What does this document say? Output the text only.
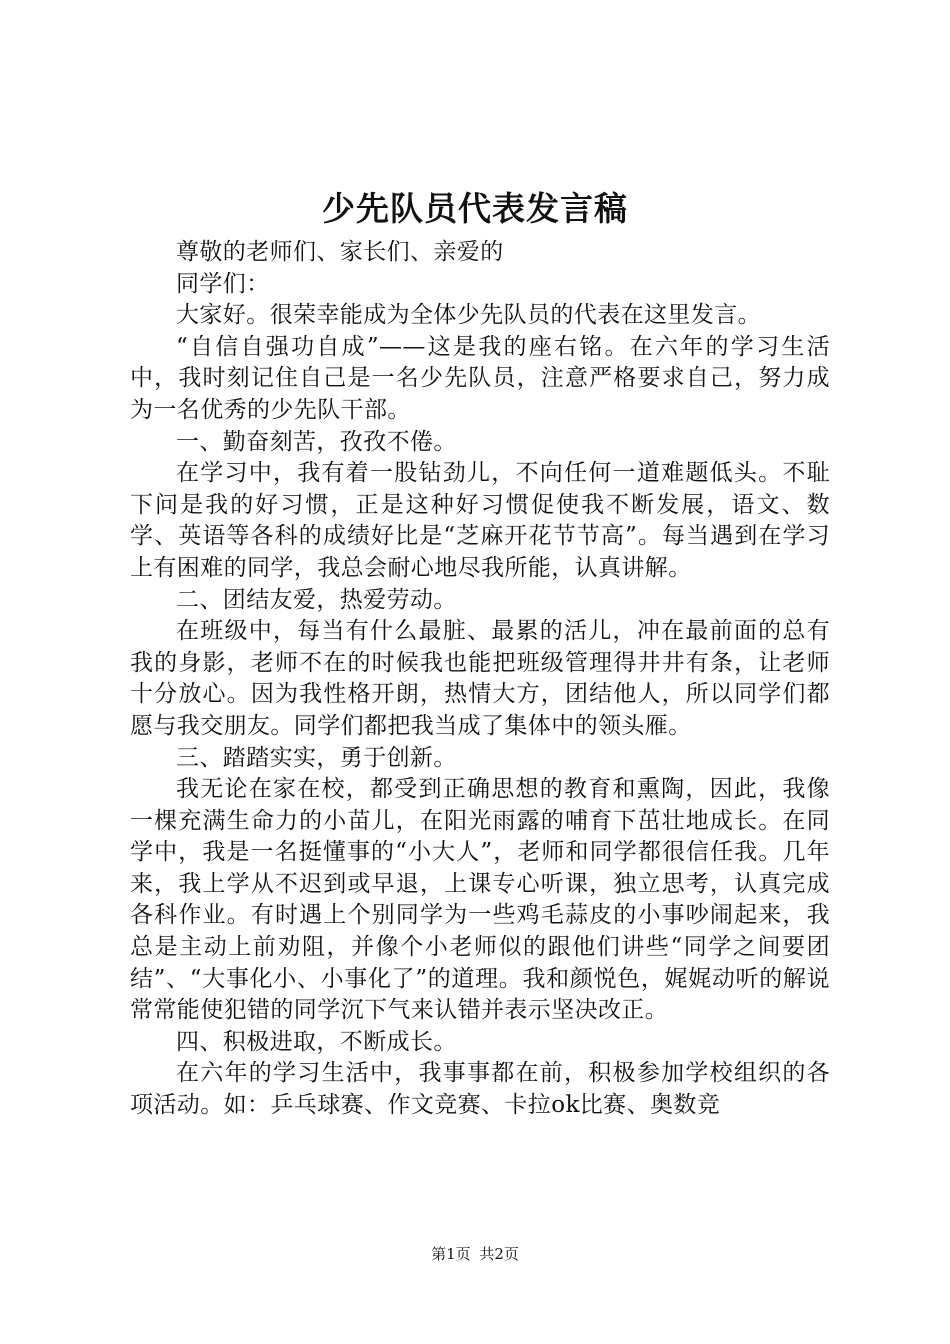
少先队员代表发言稿

尊敬的老师们、家长们、亲爱的

同学们：

大家好。很荣幸能成为全体少先队员的代表在这里发言。

“自信自强功自成”——这是我的座右铭。在六年的学习生活中，我时刻记住自己是一名少先队员，注意严格要求自己，努力成为一名优秀的少先队干部。

一、勤奋刻苦，孜孜不倦。

在学习中，我有着一股钻劲儿，不向任何一道难题低头。不耻下问是我的好习惯，正是这种好习惯促使我不断发展，语文、数学、英语等各科的成绩好比是“芝麻开花节节高”。每当遇到在学习上有困难的同学，我总会耐心地尽我所能，认真讲解。

二、团结友爱，热爱劳动。

在班级中，每当有什么最脏、最累的活儿，冲在最前面的总有我的身影，老师不在的时候我也能把班级管理得井井有条，让老师十分放心。因为我性格开朗，热情大方，团结他人，所以同学们都愿与我交朋友。同学们都把我当成了集体中的领头雁。

三、踏踏实实，勇于创新。

我无论在家在校，都受到正确思想的教育和熏陶，因此，我像一棵充满生命力的小苗儿，在阳光雨露的哺育下茁壮地成长。在同学中，我是一名挺懂事的“小大人”，老师和同学都很信任我。几年来，我上学从不迟到或早退，上课专心听课，独立思考，认真完成各科作业。有时遇上个别同学为一些鸡毛蒜皮的小事吵闹起来，我总是主动上前劝阻，并像个小老师似的跟他们讲些“同学之间要团结”、“大事化小、小事化了”的道理。我和颜悦色，娓娓动听的解说常常能使犯错的同学沉下气来认错并表示坚决改正。

四、积极进取，不断成长。

在六年的学习生活中，我事事都在前，积极参加学校组织的各项活动。如：乒乓球赛、作文竞赛、卡拉ok比赛、奥数竞

第1页 共2页
